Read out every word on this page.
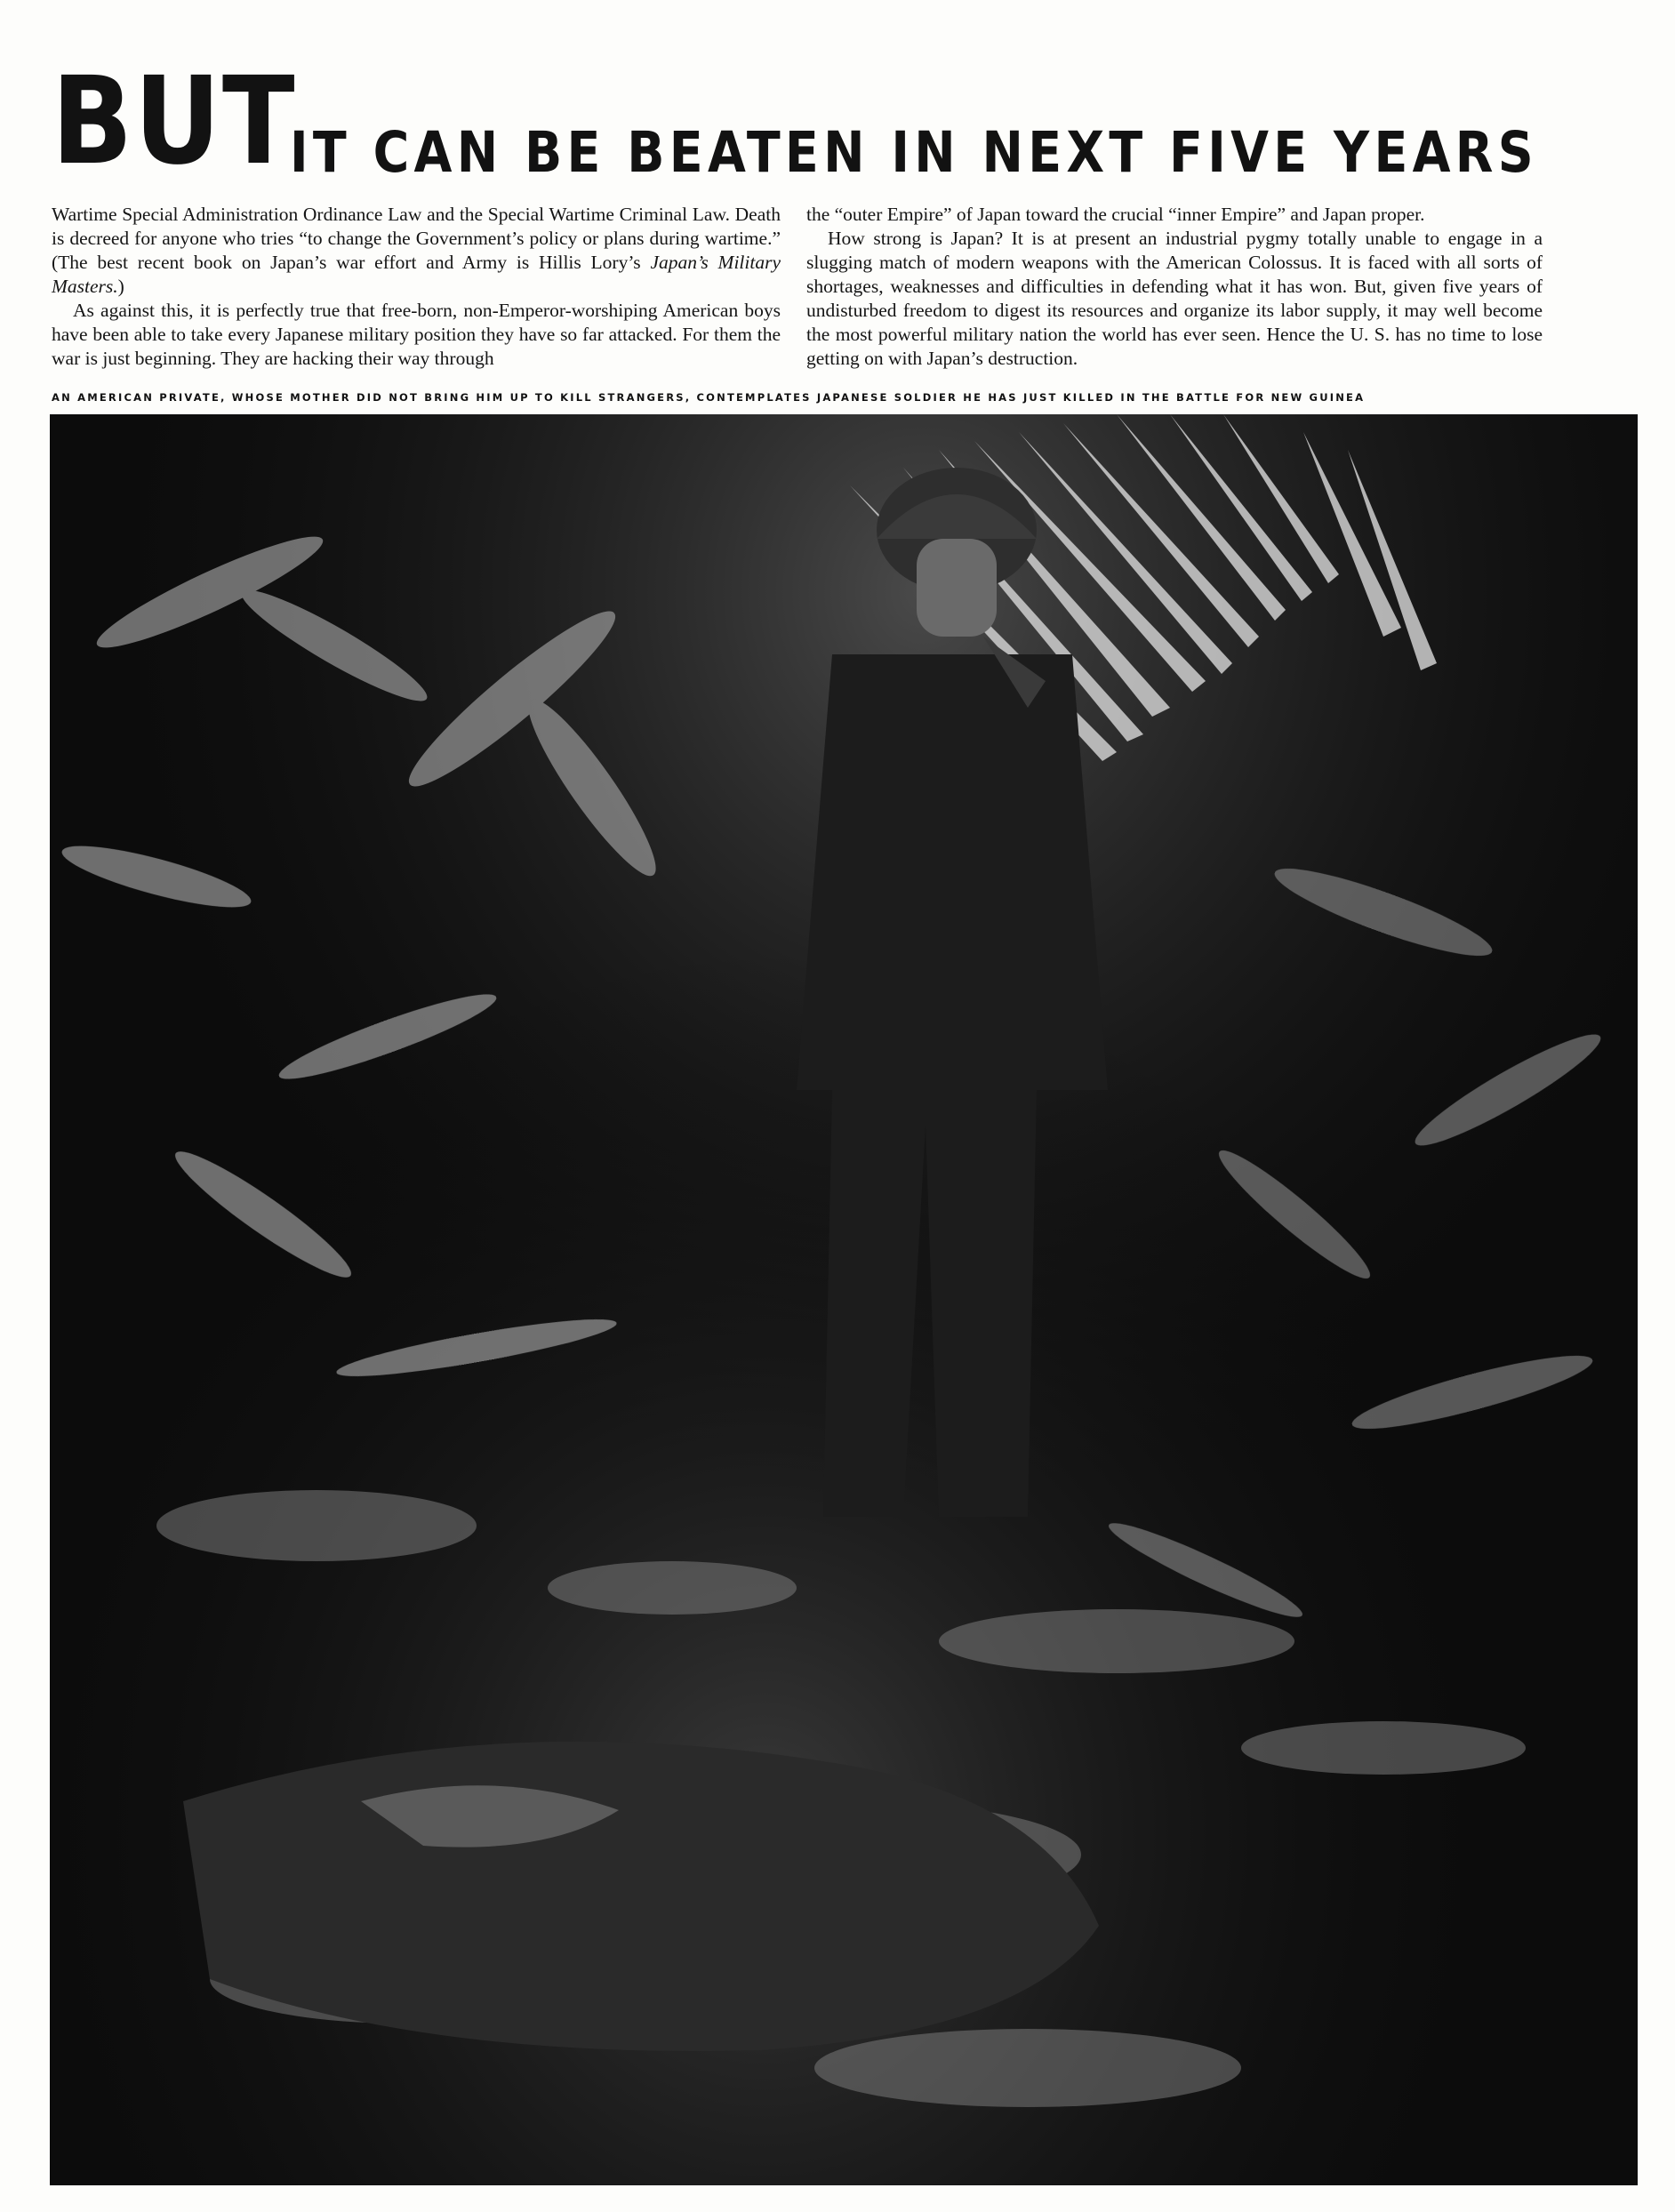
BUT
IT CAN BE BEATEN IN NEXT FIVE YEARS

Wartime Special Administration Ordinance Law and the Special Wartime Criminal Law. Death is decreed for anyone who tries “to change the Government’s policy or plans during wartime.” (The best recent book on Japan’s war effort and Army is Hillis Lory’s Japan’s Military Masters.)

As against this, it is perfectly true that free-born, non-Emperor-worshiping American boys have been able to take every Japanese military position they have so far attacked. For them the war is just beginning. They are hacking their way through

the “outer Empire” of Japan toward the crucial “inner Empire” and Japan proper.

How strong is Japan? It is at present an industrial pygmy totally unable to engage in a slugging match of modern weapons with the American Colossus. It is faced with all sorts of shortages, weaknesses and difficulties in defending what it has won. But, given five years of undisturbed freedom to digest its resources and organize its labor supply, it may well become the most powerful military nation the world has ever seen. Hence the U. S. has no time to lose getting on with Japan’s destruction.

AN AMERICAN PRIVATE, WHOSE MOTHER DID NOT BRING HIM UP TO KILL STRANGERS, CONTEMPLATES JAPANESE SOLDIER HE HAS JUST KILLED IN THE BATTLE FOR NEW GUINEA
